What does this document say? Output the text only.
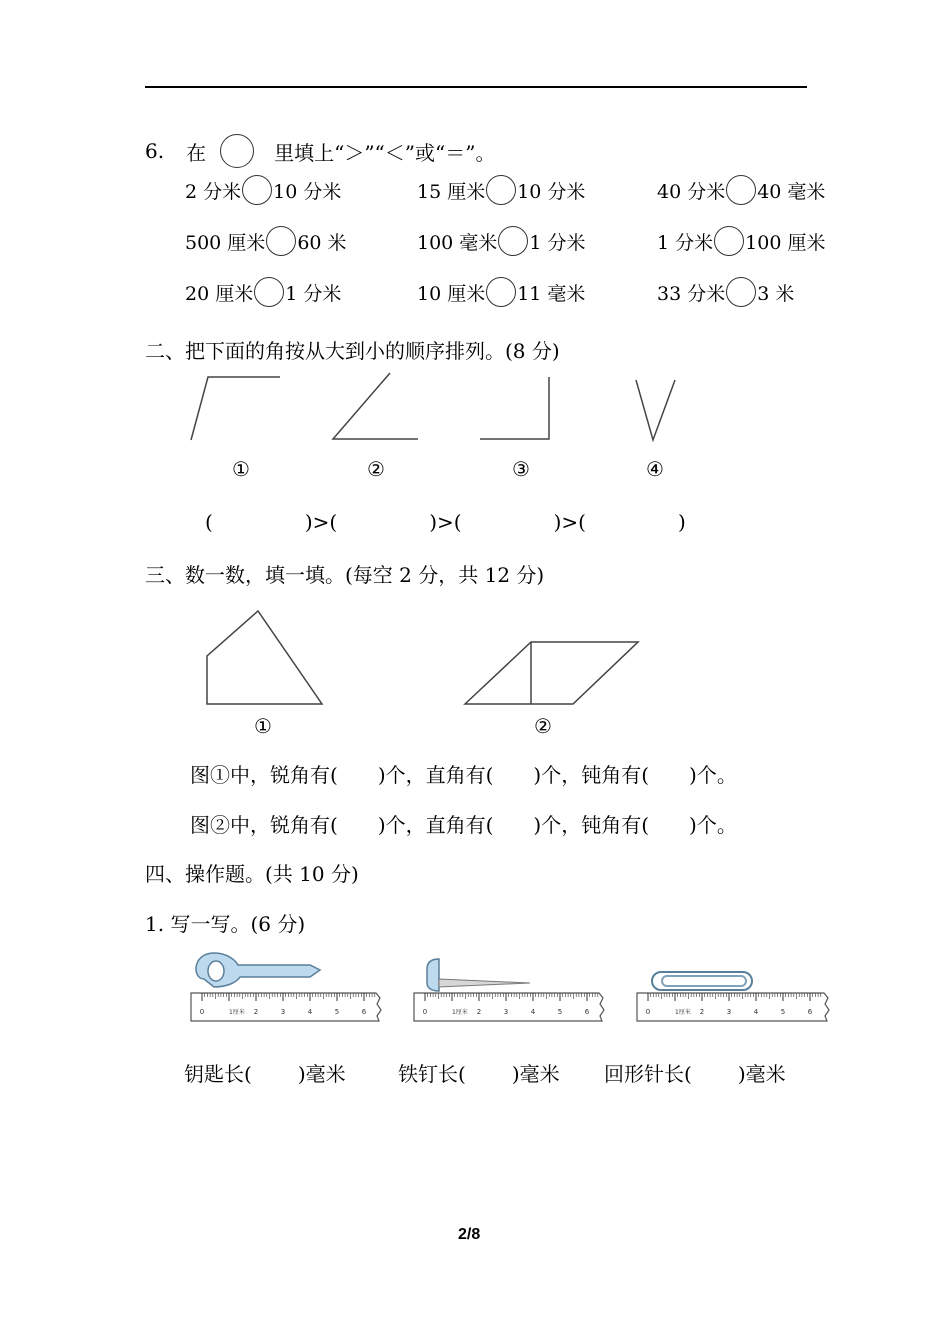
6. 在	里填上“＞”“＜”或“＝”。
2 分米 10 分米	15 厘米 10 分米	40 分米 40 毫米
500 厘米 60 米	100 毫米 1 分米	1 分米 100 厘米
20 厘米 1 分米	10 厘米 11 毫米	33 分米 3 米
二、把下面的角按从大到小的顺序排列。(8 分)
①	②	③	④
(	)>(	)>(	)>(	)
三、数一数，填一填。(每空 2 分，共 12 分)
①	②
图①中，锐角有( )个，直角有( )个，钝角有( )个。
图②中，锐角有( )个，直角有( )个，钝角有( )个。
四、操作题。(共 10 分)
1. 写一写。(6 分)
0	1厘米 2	3	4	5	6	0	1厘米 2	3	4	5	6	0	1厘米 2	3	4	5	6
钥匙长( )毫米	铁钉长( )毫米 回形针长( )毫米
2/8
